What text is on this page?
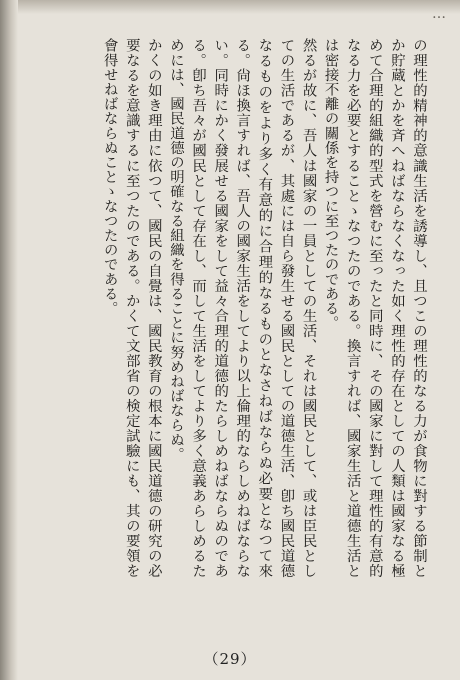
…
の理性的精神的意識生活を誘導し、且つこの理性的なる力が食物に對する節制とか貯蔵とかを斉へねばならなくなった如く理性的存在としての人類は國家なる極めて合理的組織的型式を營むに至ったと同時に、その國家に對して理性的有意的なる力を必要とすることゝなつたのである。換言すれば、國家生活と道德生活とは密接不離の關係を持つに至つたのである。
然るが故に、吾人は國家の一員としての生活、それは國民として、或は臣民としての生活であるが、其處には自ら發生せる國民としての道德生活、卽ち國民道德なるものをより多く有意的に合理的なるものとなさねばならぬ必要となつて來る。尙ほ換言すれば、吾人の國家生活をしてより以上倫理的ならしめねばならない。同時にかく發展せる國家をして益々合理的道德的たらしめねばならぬのである。卽ち吾々が國民として存在し、而して生活をしてより多く意義あらしめるためには、國民道德の明確なる組織を得ることに努めねばならぬ。
かくの如き理由に依つて、國民の自覺は、國民教育の根本に國民道德の研究の必要なるを意識するに至つたのである。かくて文部省の検定試驗にも、其の要領を會得せねばならぬことゝなつたのである。
（29）
